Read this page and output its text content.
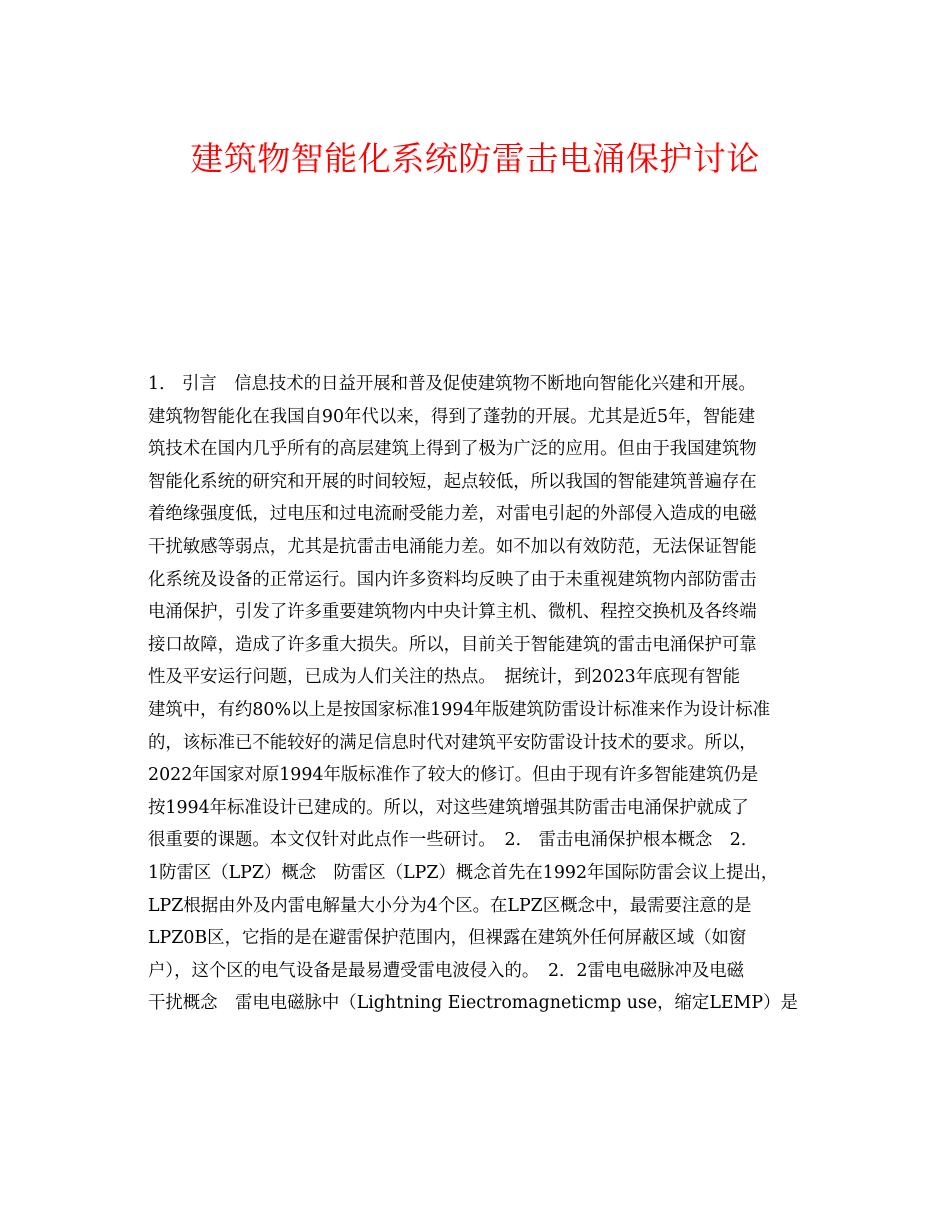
建筑物智能化系统防雷击电涌保护讨论
1． 引言　信息技术的日益开展和普及促使建筑物不断地向智能化兴建和开展。
建筑物智能化在我国自90年代以来，得到了蓬勃的开展。尤其是近5年，智能建
筑技术在国内几乎所有的高层建筑上得到了极为广泛的应用。但由于我国建筑物
智能化系统的研究和开展的时间较短，起点较低，所以我国的智能建筑普遍存在
着绝缘强度低，过电压和过电流耐受能力差，对雷电引起的外部侵入造成的电磁
干扰敏感等弱点，尤其是抗雷击电涌能力差。如不加以有效防范，无法保证智能
化系统及设备的正常运行。国内许多资料均反映了由于未重视建筑物内部防雷击
电涌保护，引发了许多重要建筑物内中央计算主机、微机、程控交换机及各终端
接口故障，造成了许多重大损失。所以，目前关于智能建筑的雷击电涌保护可靠
性及平安运行问题，已成为人们关注的热点。　据统计，到2023年底现有智能
建筑中，有约80%以上是按国家标准1994年版建筑防雷设计标准来作为设计标准
的，该标准已不能较好的满足信息时代对建筑平安防雷设计技术的要求。所以，
2022年国家对原1994年版标准作了较大的修订。但由于现有许多智能建筑仍是
按1994年标准设计已建成的。所以，对这些建筑增强其防雷击电涌保护就成了
很重要的课题。本文仅针对此点作一些研讨。　2． 雷击电涌保护根本概念　2．
1防雷区（LPZ）概念　防雷区（LPZ）概念首先在1992年国际防雷会议上提出，
LPZ根据由外及内雷电解量大小分为4个区。在LPZ区概念中，最需要注意的是
LPZ0B区，它指的是在避雷保护范围内，但裸露在建筑外任何屏蔽区域（如窗
户），这个区的电气设备是最易遭受雷电波侵入的。　2．2雷电电磁脉冲及电磁
干扰概念　雷电电磁脉中（Lightning Eiectromagneticmp use，缩定LEMP）是
